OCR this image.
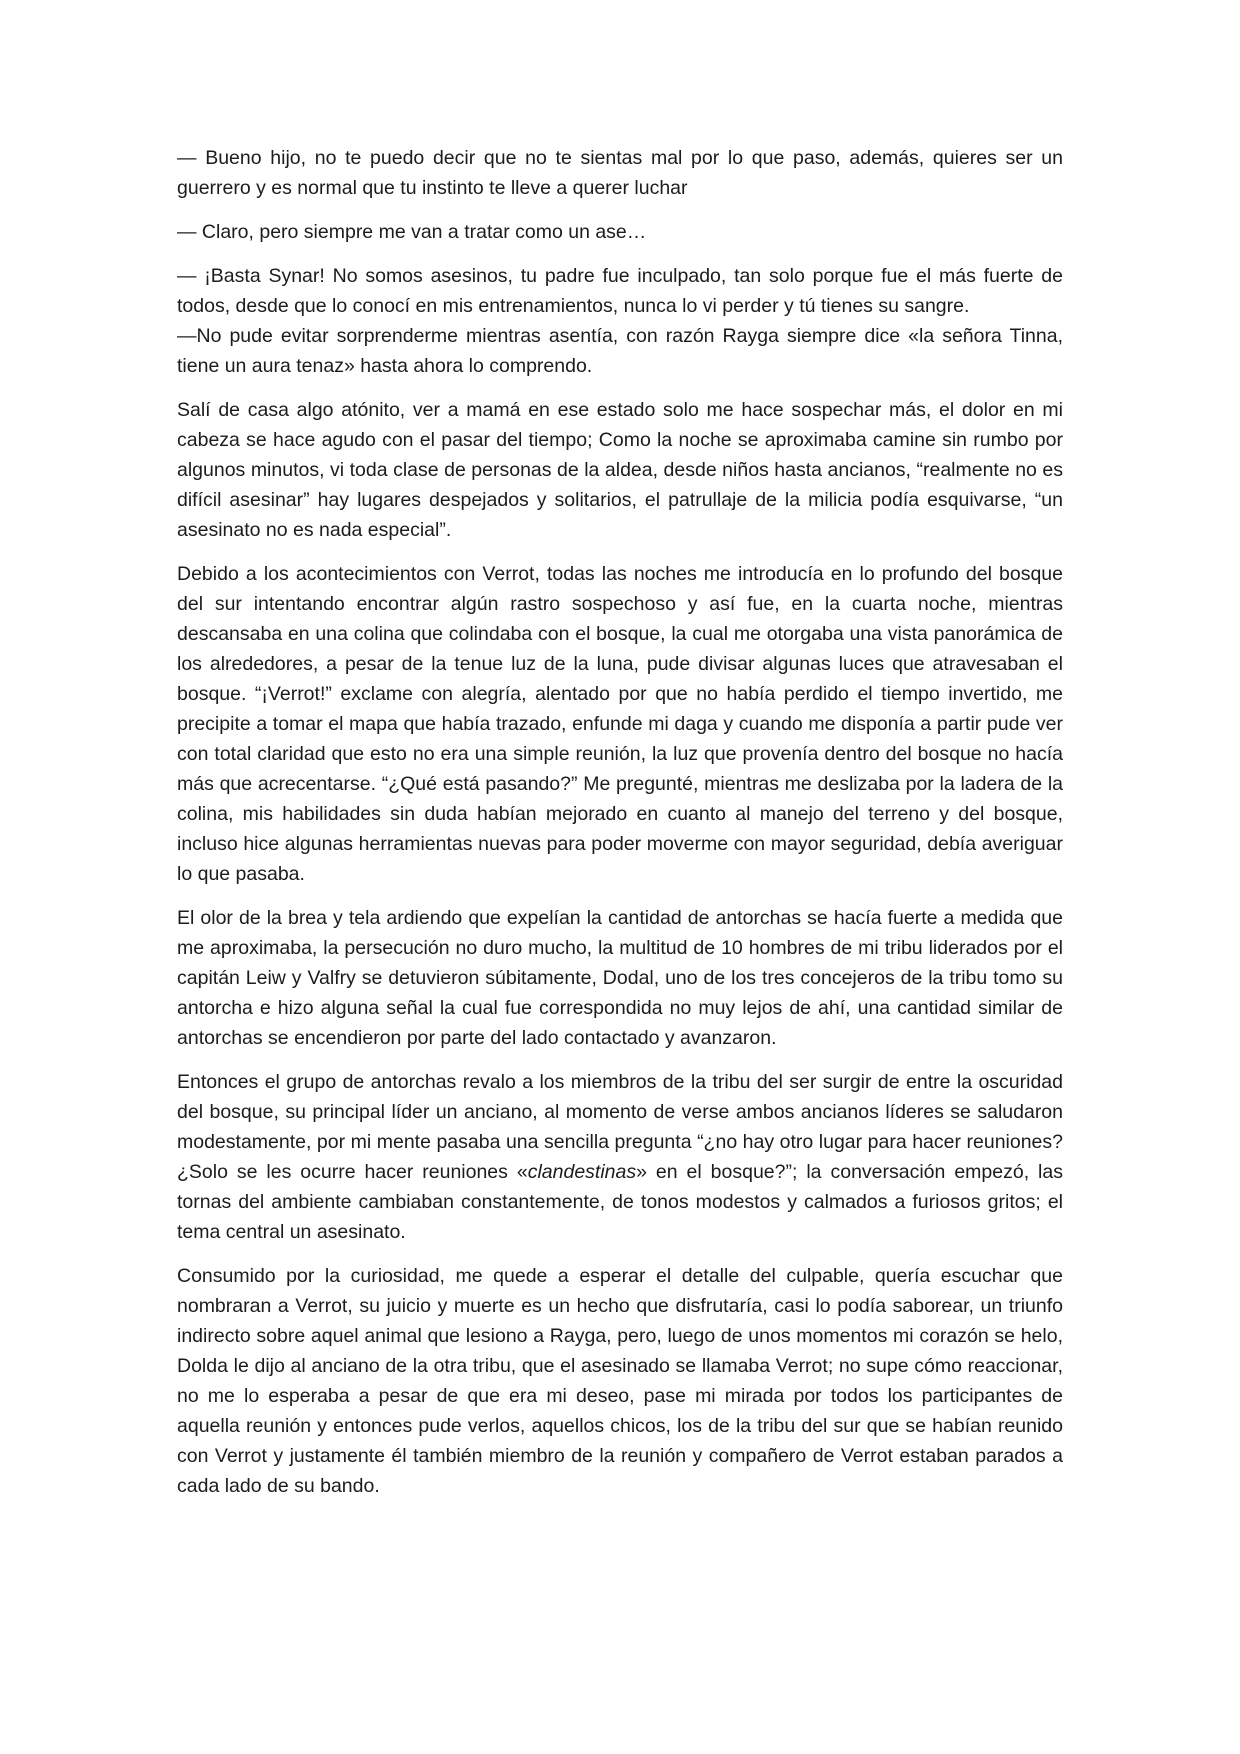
— Bueno hijo, no te puedo decir que no te sientas mal por lo que paso, además, quieres ser un guerrero y es normal que tu instinto te lleve a querer luchar

— Claro, pero siempre me van a tratar como un ase…

— ¡Basta Synar! No somos asesinos, tu padre fue inculpado, tan solo porque fue el más fuerte de todos, desde que lo conocí en mis entrenamientos, nunca lo vi perder y tú tienes su sangre.
—No pude evitar sorprenderme mientras asentía, con razón Rayga siempre dice «la señora Tinna, tiene un aura tenaz» hasta ahora lo comprendo.

Salí de casa algo atónito, ver a mamá en ese estado solo me hace sospechar más, el dolor en mi cabeza se hace agudo con el pasar del tiempo; Como la noche se aproximaba camine sin rumbo por algunos minutos, vi toda clase de personas de la aldea, desde niños hasta ancianos, “realmente no es difícil asesinar” hay lugares despejados y solitarios, el patrullaje de la milicia podía esquivarse, “un asesinato no es nada especial”.

Debido a los acontecimientos con Verrot, todas las noches me introducía en lo profundo del bosque del sur intentando encontrar algún rastro sospechoso y así fue, en la cuarta noche, mientras descansaba en una colina que colindaba con el bosque, la cual me otorgaba una vista panorámica de los alrededores, a pesar de la tenue luz de la luna, pude divisar algunas luces que atravesaban el bosque. “¡Verrot!” exclame con alegría, alentado por que no había perdido el tiempo invertido, me precipite a tomar el mapa que había trazado, enfunde mi daga y cuando me disponía a partir pude ver con total claridad que esto no era una simple reunión, la luz que provenía dentro del bosque no hacía más que acrecentarse. “¿Qué está pasando?” Me pregunté, mientras me deslizaba por la ladera de la colina, mis habilidades sin duda habían mejorado en cuanto al manejo del terreno y del bosque, incluso hice algunas herramientas nuevas para poder moverme con mayor seguridad, debía averiguar lo que pasaba.

El olor de la brea y tela ardiendo que expelían la cantidad de antorchas se hacía fuerte a medida que me aproximaba, la persecución no duro mucho, la multitud de 10 hombres de mi tribu liderados por el capitán Leiw y Valfry se detuvieron súbitamente, Dodal, uno de los tres concejeros de la tribu tomo su antorcha e hizo alguna señal la cual fue correspondida no muy lejos de ahí, una cantidad similar de antorchas se encendieron por parte del lado contactado y avanzaron.

Entonces el grupo de antorchas revalo a los miembros de la tribu del ser surgir de entre la oscuridad del bosque, su principal líder un anciano, al momento de verse ambos ancianos líderes se saludaron modestamente, por mi mente pasaba una sencilla pregunta “¿no hay otro lugar para hacer reuniones? ¿Solo se les ocurre hacer reuniones «clandestinas» en el bosque?”; la conversación empezó, las tornas del ambiente cambiaban constantemente, de tonos modestos y calmados a furiosos gritos; el tema central un asesinato.

Consumido por la curiosidad, me quede a esperar el detalle del culpable, quería escuchar que nombraran a Verrot, su juicio y muerte es un hecho que disfrutaría, casi lo podía saborear, un triunfo indirecto sobre aquel animal que lesiono a Rayga, pero, luego de unos momentos mi corazón se helo, Dolda le dijo al anciano de la otra tribu, que el asesinado se llamaba Verrot; no supe cómo reaccionar, no me lo esperaba a pesar de que era mi deseo, pase mi mirada por todos los participantes de aquella reunión y entonces pude verlos, aquellos chicos, los de la tribu del sur que se habían reunido con Verrot y justamente él también miembro de la reunión y compañero de Verrot estaban parados a cada lado de su bando.
